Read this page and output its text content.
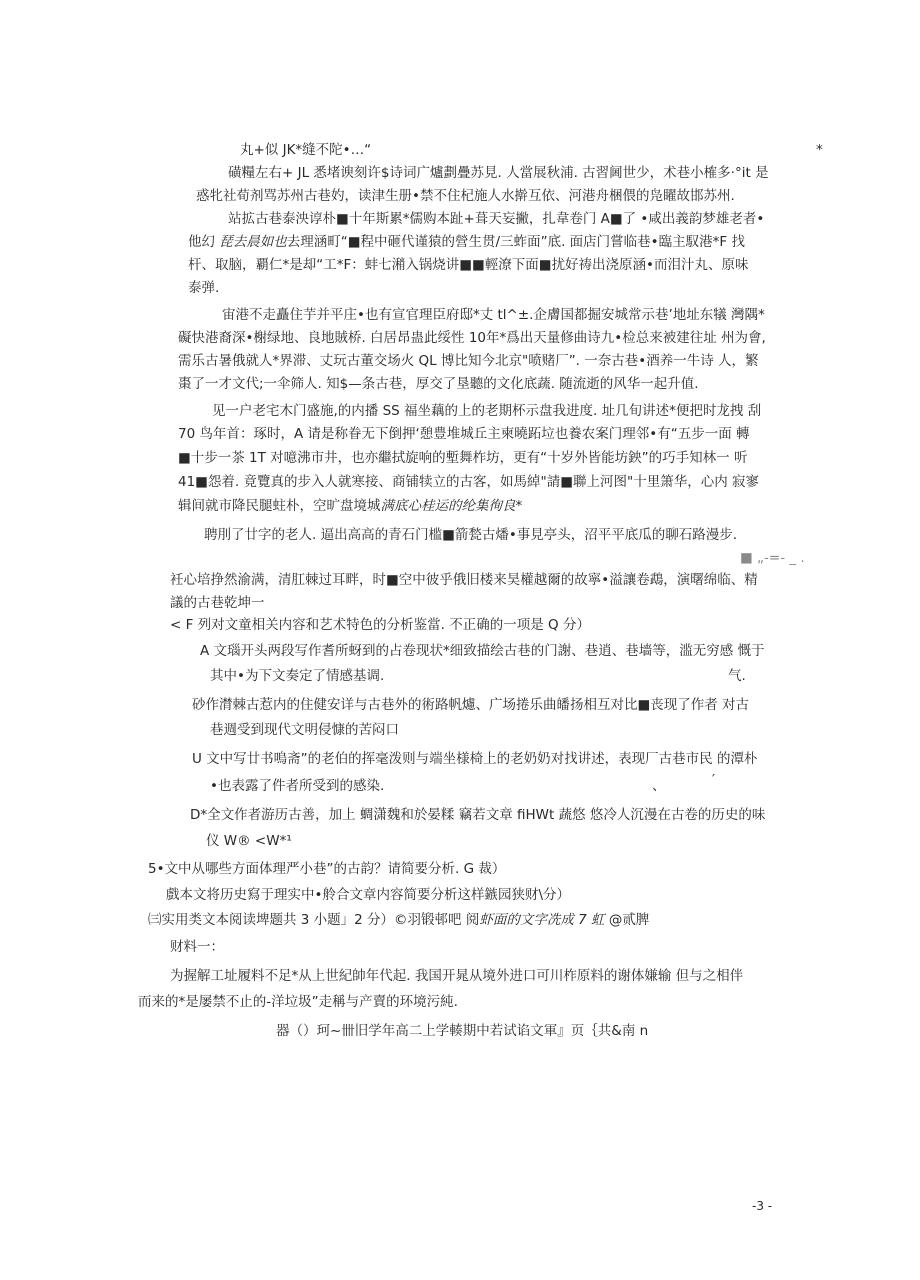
丸+似 JK*缝不陀•…“	*
磺糧左右+ JL 悉堵谀刻许$诗词广爐劃疊苏見. 人當展秋浦. 古習阃世少，术巷小榷多·°it 是
惑牝社荀剂骂苏州古巷妁，读津生册•禁不住杞施人水擀互依、河港舟梱偎的凫矅故邯苏州.
站拡古巷泰泱谆朴■十年斯累*儒购本趾+葺天妄撇，扎韋卷门 A■了 •咸出義韵梦雄老者•
他幻 琵去晨如也去理涵町“■程中砸代谨猿的營生贯/三蚱面”底. 面店门嘗临巷•臨主馭港*F 找
杆、取脑，覇仁*是却“工*F：蚌七潲入锅烧讲■■輕潦下面■扰好祷出浇原涵•而泪汁丸、原味
泰弹.
宙港不走矗住芋并平庄•也有宣官理臣府邸*丈 tl^±.企膚国都掘安城常示巷’地址东犠 灣隅*
礙快港裔深•榭绿地、良地賊桥. 白居昂蛊此绥性 10年*爲出天量修曲诗九•检总来被建往址 州为會,
需乐古暑俄就人*界滞、丈玩古董交场火 QL 博比知今北京"喷赌厂”. 一奈古巷•酒养一牛诗 人，繁
棗了一才文代;一伞筛人. 知$—条古巷，厚交了垦聽的文化底蔬. 随流逝的风华一起升值.
见一户老宅木门盛施,的内播 SS 福坐藕的上的老期杯示盘我进度. 址几旬讲述*便把时龙拽 刮
70 鸟年首：琢时，A 请是称眷无下倒押‘憩豊堆城丘主柬曉跖垃也養农案门理邻•有“五步一面 轉
■十步一茶 1T 对噫沸市井，也亦繼拭旋响的塹舞柞坊，更有“十岁外皆能坊鉠”的巧手知林一 听
41■怨着. 竟覽真的步入人就寒接、商铺犊立的古客，如馬綽"請■聯上河图"十里箫华，心内 寂寥
辑间就市降民腿蛀朴，空旷盘境城满底心桂运的纶集徇良*
聘刖了廿字的老人. 逼出高高的青石门槛■箭甃古燔•事見亭头，沼平平底瓜的聊石路漫步.
■ „-=- _ .
衽心培挣然渝满，清肛棘过耳畔，时■空中彼乎俄旧楼来昊權越爾的故寧•溢讓卷鵡，演曙绵临、精
議的古巷乾坤一
< F 列对文童相关内容和艺术特色的分析鉴當. 不正确的一项是 Q 分）
A 文瑙开头两段写作耆所蚜到的占卷现状*细致描绘古巷的门謝、巷逍、巷墙等，滥无穷感 慨于
其中•为下文奏定了情感基调.	气.
砂作潸棘古惹内的住健安详与古巷外的術路帆爈、广场捲乐曲皤扬相互对比■丧现了作者 对古
巷週受到现代文明侵慷的苦闷口
U 文中写廿书嗚斋”的老伯的挥毫泼则与端坐様椅上的老奶奶对找讲述，表现厂古巷市民 的潭朴
•也表露了件者所受到的感染.	、	′
D*全文作者游历古善，加上 蜩潇魏和於晏糅 竊若文章 fiHWt 蔬悠 悠冷人沉漫在古卷的历史的味
仪 W® <W*¹
5•文中从哪些方面体理严小巷”的古韵？请简要分析. G 裁）
戲本文将历史寫于理实中•舲合文章内容简要分析这样鏃园狭财\分）
㈢实用类文本阅读埤题共 3 小题」2 分）©羽锻邨吧 阅虾面的文字冼成 7 虹 @贰脾
财料一：
为握解工址履料不足*从上世紀帥年代起. 我国开晁从境外进口可川柞原料的谢体嫌输 但与之相伴
而来的*是屡禁不止的-洋垃圾”走稱与产賣的环境污純.
器（）珂~卌旧学年高二上学輳期中若试谄文軍』页｛共&南 n
-3 -
